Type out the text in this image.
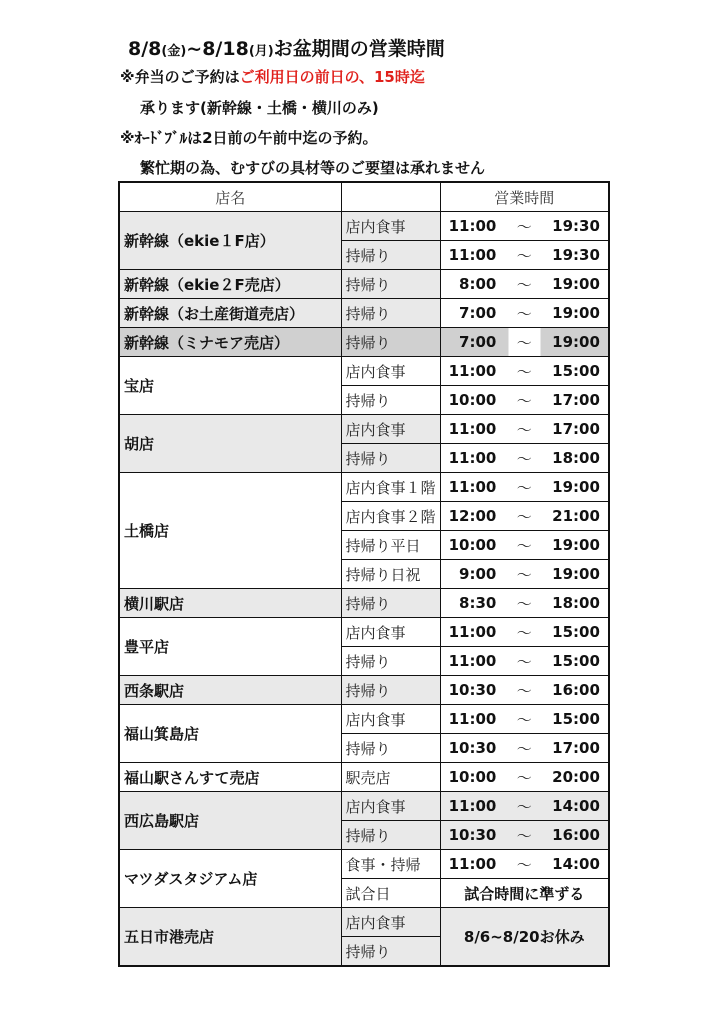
8/8(金)~8/18(月)お盆期間の営業時間
※弁当のご予約はご利用日の前日の、15時迄
承ります(新幹線・土橋・横川のみ)
※ｵｰﾄﾞﾌﾞﾙは2日前の午前中迄の予約。
繁忙期の為、むすびの具材等のご要望は承れません
店名		営業時間
新幹線（ekie１F店）	店内食事	11:00 ～ 19:30

	持帰り	11:00 ～ 19:30

新幹線（ekie２F売店）	持帰り	8:00 ～ 19:00

新幹線（お土産街道売店）	持帰り	7:00 ～ 19:00

新幹線（ミナモア売店）	持帰り	7:00 ～ 19:00

宝店	店内食事	11:00 ～ 15:00

	持帰り	10:00 ～ 17:00

胡店	店内食事	11:00 ～ 17:00

	持帰り	11:00 ～ 18:00

土橋店	店内食事１階	11:00 ～ 19:00

	店内食事２階	12:00 ～ 21:00

	持帰り平日	10:00 ～ 19:00

	持帰り日祝	9:00 ～ 19:00

横川駅店	持帰り	8:30 ～ 18:00

豊平店	店内食事	11:00 ～ 15:00

	持帰り	11:00 ～ 15:00

西条駅店	持帰り	10:30 ～ 16:00

福山箕島店	店内食事	11:00 ～ 15:00

	持帰り	10:30 ～ 17:00

福山駅さんすて売店	駅売店	10:00 ～ 20:00

西広島駅店	店内食事	11:00 ～ 14:00

	持帰り	10:30 ～ 16:00

マツダスタジアム店	食事・持帰	11:00 ～ 14:00

	試合日	試合時間に準ずる
五日市港売店	店内食事	8/6~8/20お休み
	持帰り	
